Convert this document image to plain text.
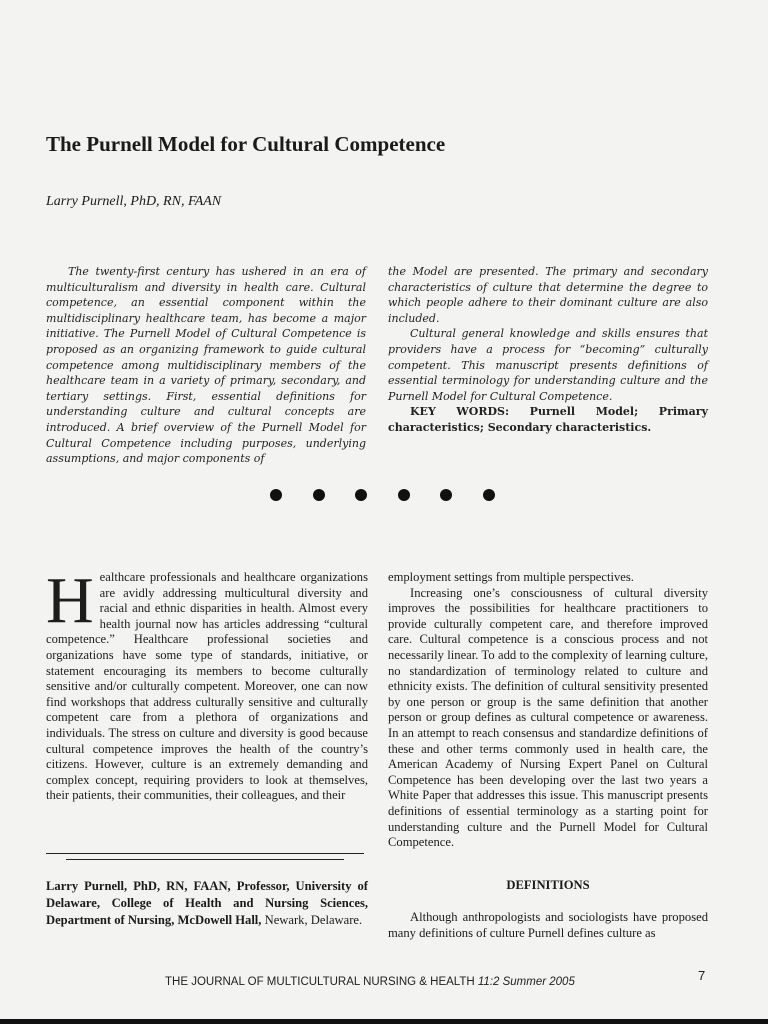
The Purnell Model for Cultural Competence
Larry Purnell, PhD, RN, FAAN

The twenty-first century has ushered in an era of multiculturalism and diversity in health care. Cultural competence, an essential component within the multidisciplinary healthcare team, has become a major initiative. The Purnell Model of Cultural Competence is proposed as an organizing framework to guide cultural competence among multidisciplinary members of the healthcare team in a variety of primary, secondary, and tertiary settings. First, essential definitions for understanding culture and cultural concepts are introduced. A brief overview of the Purnell Model for Cultural Competence including purposes, underlying assumptions, and major components of

the Model are presented. The primary and secondary characteristics of culture that determine the degree to which people adhere to their dominant culture are also included.

Cultural general knowledge and skills ensures that providers have a process for “becoming” culturally competent. This manuscript presents definitions of essential terminology for understanding culture and the Purnell Model for Cultural Competence.

KEY WORDS: Purnell Model; Primary characteristics; Secondary characteristics.

Healthcare professionals and healthcare organizations are avidly addressing multicultural diversity and racial and ethnic disparities in health. Almost every health journal now has articles addressing “cultural competence.” Healthcare professional societies and organizations have some type of standards, initiative, or statement encouraging its members to become culturally sensitive and/or culturally competent. Moreover, one can now find workshops that address culturally sensitive and culturally competent care from a plethora of organizations and individuals. The stress on culture and diversity is good because cultural competence improves the health of the country’s citizens. However, culture is an extremely demanding and complex concept, requiring providers to look at themselves, their patients, their communities, their colleagues, and their

employment settings from multiple perspectives.

Increasing one’s consciousness of cultural diversity improves the possibilities for healthcare practitioners to provide culturally competent care, and therefore improved care. Cultural competence is a conscious process and not necessarily linear. To add to the complexity of learning culture, no standardization of terminology related to culture and ethnicity exists. The definition of cultural sensitivity presented by one person or group is the same definition that another person or group defines as cultural competence or awareness. In an attempt to reach consensus and standardize definitions of these and other terms commonly used in health care, the American Academy of Nursing Expert Panel on Cultural Competence has been developing over the last two years a White Paper that addresses this issue. This manuscript presents definitions of essential terminology as a starting point for understanding culture and the Purnell Model for Cultural Competence.

Larry Purnell, PhD, RN, FAAN, Professor, University of Delaware, College of Health and Nursing Sciences, Department of Nursing, McDowell Hall, Newark, Delaware.
DEFINITIONS
Although anthropologists and sociologists have proposed many definitions of culture Purnell defines culture as
THE JOURNAL OF MULTICULTURAL NURSING & HEALTH 11:2 Summer 2005	7
